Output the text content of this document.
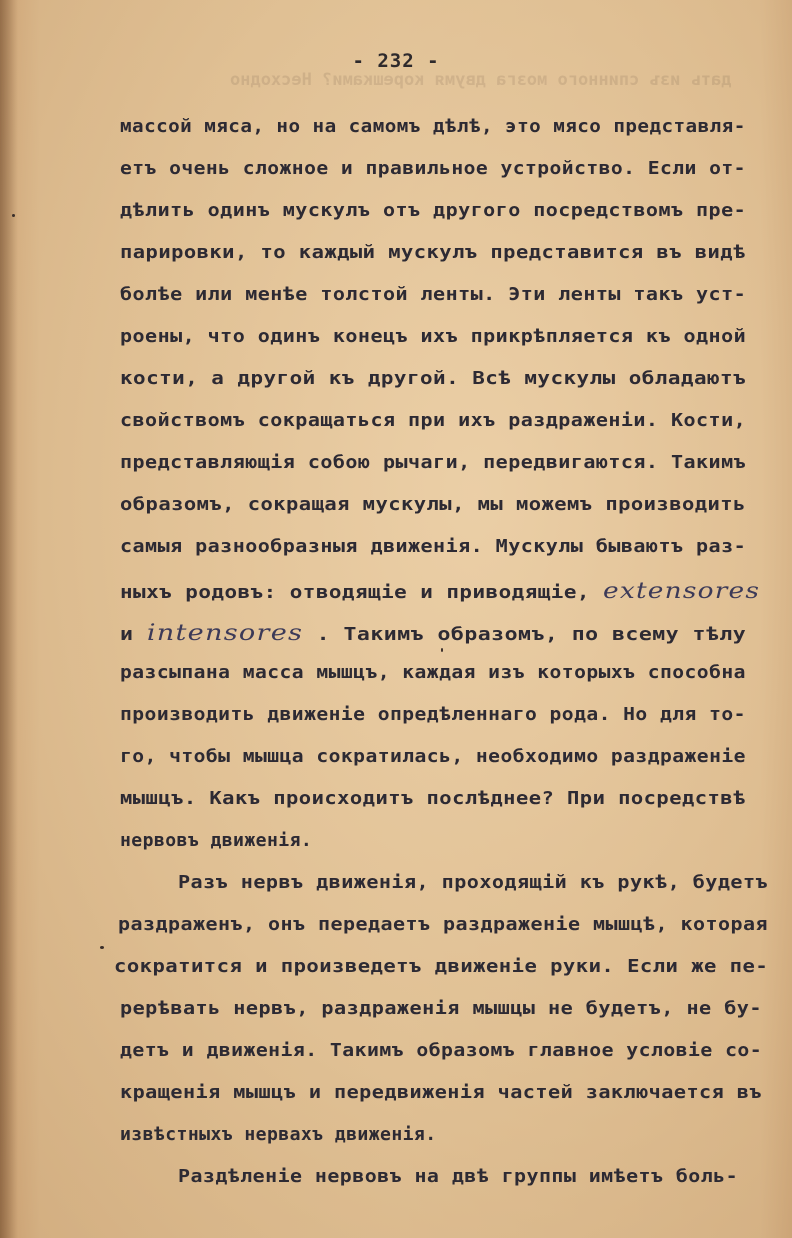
дать изъ спинного мозга двумя корешками? Несходно
- 232 -
массой мяса, но на самомъ дѣлѣ, это мясо представля-
етъ очень сложное и правильное устройство. Если от-
дѣлить одинъ мускулъ отъ другого посредствомъ пре-
парировки, то каждый мускулъ представится въ видѣ
болѣе или менѣе толстой ленты. Эти ленты такъ уст-
роены, что одинъ конецъ ихъ прикрѣпляется къ одной
кости, а другой къ другой. Всѣ мускулы обладаютъ
свойствомъ сокращаться при ихъ раздраженіи. Кости,
представляющія собою рычаги, передвигаются. Такимъ
образомъ, сокращая мускулы, мы можемъ производить
самыя разнообразныя движенія. Мускулы бываютъ раз-
ныхъ родовъ: отводящіе и приводящіе, extensores
и intensores . Такимъ образомъ, по всему тѣлу
разсыпана масса мышцъ, каждая изъ которыхъ способна
производить движеніе опредѣленнаго рода. Но для то-
го, чтобы мышца сократилась, необходимо раздраженіе
мышцъ. Какъ происходитъ послѣднее? При посредствѣ
нервовъ движенія.
Разъ нервъ движенія, проходящій къ рукѣ, будетъ
раздраженъ, онъ передаетъ раздраженіе мышцѣ, которая
сократится и произведетъ движеніе руки. Если же пе-
рерѣвать нервъ, раздраженія мышцы не будетъ, не бу-
детъ и движенія. Такимъ образомъ главное условіе со-
кращенія мышцъ и передвиженія частей заключается въ
извѣстныхъ нервахъ движенія.
Раздѣленіе нервовъ на двѣ группы имѣетъ боль-
